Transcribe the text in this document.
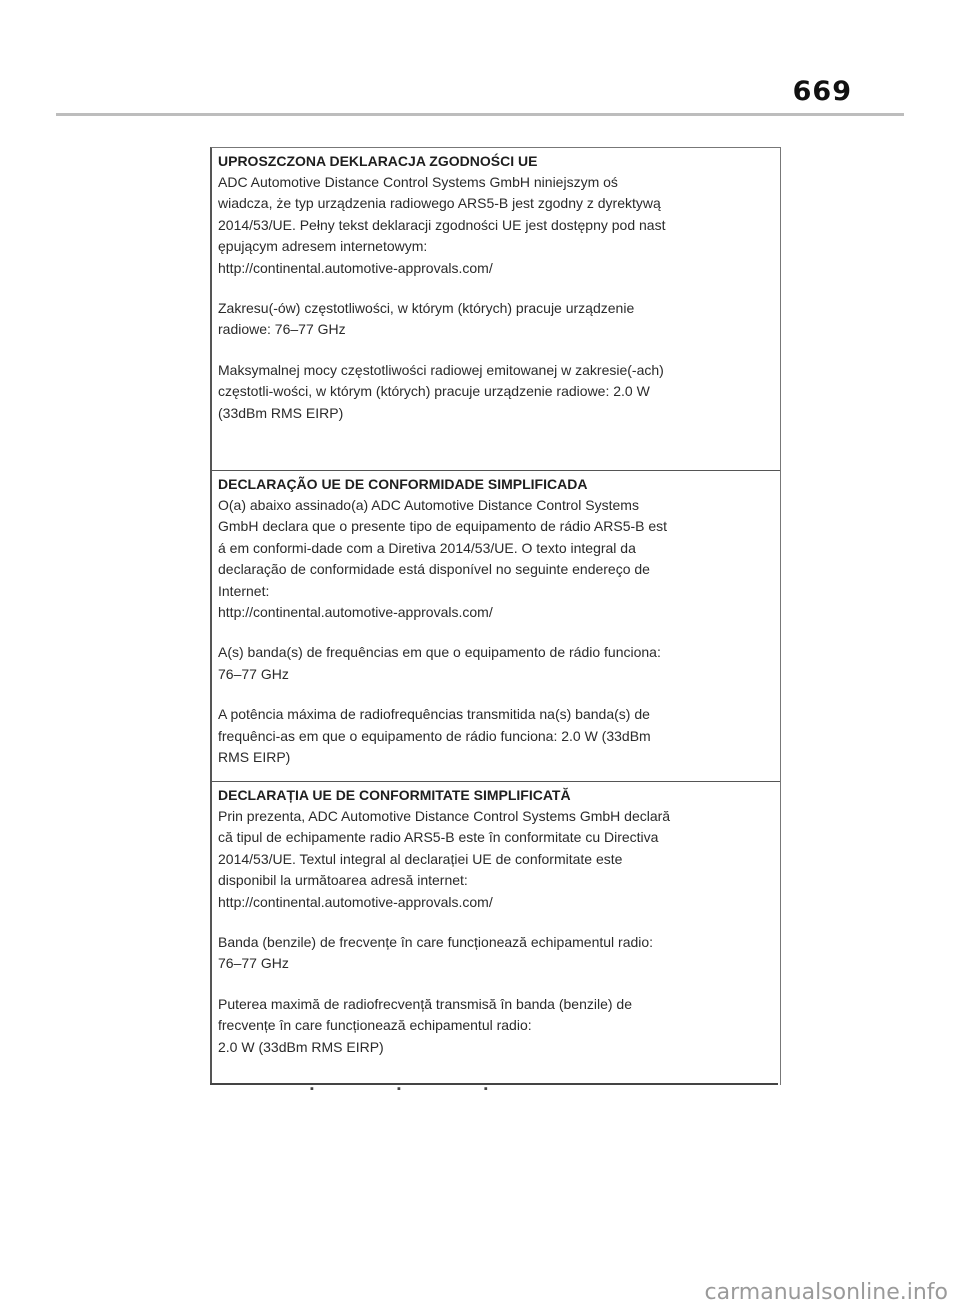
669
UPROSZCZONA DEKLARACJA ZGODNOŚCI UE

ADC Automotive Distance Control Systems GmbH niniejszym oś
wiadcza, że typ urządzenia radiowego ARS5-B jest zgodny z dyrektywą
2014/53/UE. Pełny tekst deklaracji zgodności UE jest dostępny pod nast
ępującym adresem internetowym:
http://continental.automotive-approvals.com/

Zakresu(-ów) częstotliwości, w którym (których) pracuje urządzenie
radiowe: 76–77 GHz

Maksymalnej mocy częstotliwości radiowej emitowanej w zakresie(-ach)
częstotli-wości, w którym (których) pracuje urządzenie radiowe: 2.0 W
(33dBm RMS EIRP)

DECLARAÇÃO UE DE CONFORMIDADE SIMPLIFICADA

O(a) abaixo assinado(a) ADC Automotive Distance Control Systems
GmbH declara que o presente tipo de equipamento de rádio ARS5-B est
á em conformi-dade com a Diretiva 2014/53/UE. O texto integral da
declaração de conformidade está disponível no seguinte endereço de
Internet:
http://continental.automotive-approvals.com/

A(s) banda(s) de frequências em que o equipamento de rádio funciona:
76–77 GHz

A potência máxima de radiofrequências transmitida na(s) banda(s) de
frequênci-as em que o equipamento de rádio funciona: 2.0 W (33dBm
RMS EIRP)

DECLARAȚIA UE DE CONFORMITATE SIMPLIFICATĂ

Prin prezenta, ADC Automotive Distance Control Systems GmbH declară
că tipul de echipamente radio ARS5-B este în conformitate cu Directiva
2014/53/UE. Textul integral al declarației UE de conformitate este
disponibil la următoarea adresă internet:
http://continental.automotive-approvals.com/

Banda (benzile) de frecvențe în care funcționează echipamentul radio:
76–77 GHz

Puterea maximă de radiofrecvență transmisă în banda (benzile) de
frecvențe în care funcționează echipamentul radio:
2.0 W (33dBm RMS EIRP)

▪ ▪ ▪
carmanualsonline.info
